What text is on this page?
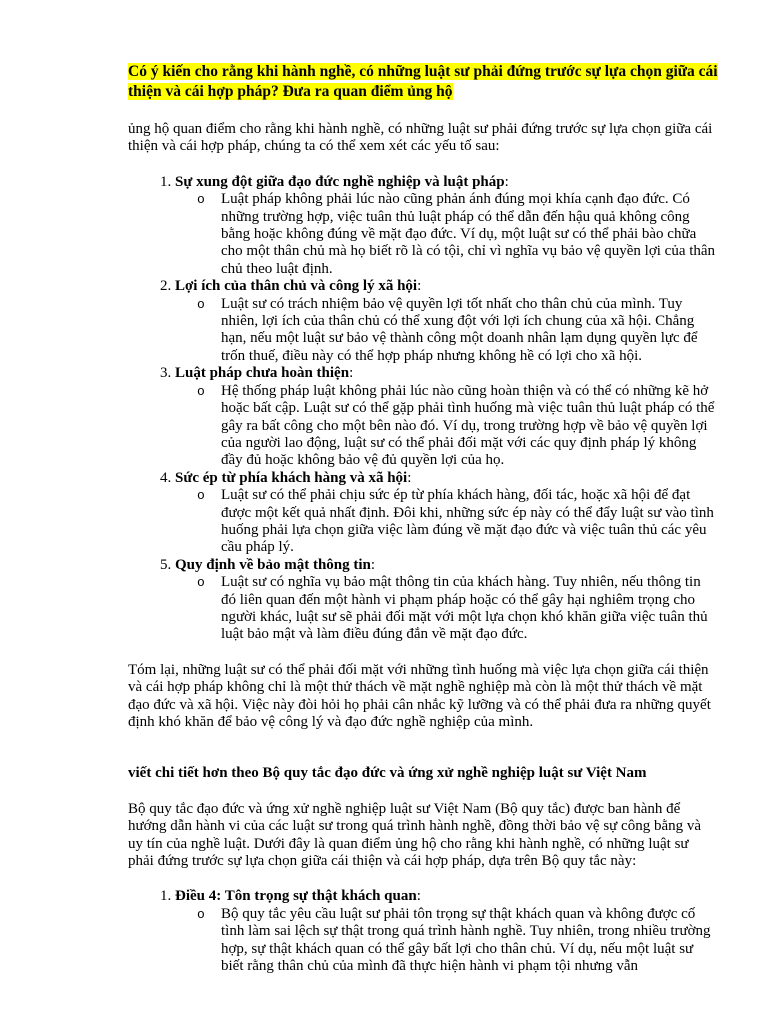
Có ý kiến cho rằng khi hành nghề, có những luật sư phải đứng trước sự lựa chọn giữa cái thiện và cái hợp pháp? Đưa ra quan điểm ủng hộ

ủng hộ quan điểm cho rằng khi hành nghề, có những luật sư phải đứng trước sự lựa chọn giữa cái thiện và cái hợp pháp, chúng ta có thể xem xét các yếu tố sau:

1. Sự xung đột giữa đạo đức nghề nghiệp và luật pháp:
o Luật pháp không phải lúc nào cũng phản ánh đúng mọi khía cạnh đạo đức. Có những trường hợp, việc tuân thủ luật pháp có thể dẫn đến hậu quả không công bằng hoặc không đúng về mặt đạo đức. Ví dụ, một luật sư có thể phải bào chữa cho một thân chủ mà họ biết rõ là có tội, chỉ vì nghĩa vụ bảo vệ quyền lợi của thân chủ theo luật định.
2. Lợi ích của thân chủ và công lý xã hội:
o Luật sư có trách nhiệm bảo vệ quyền lợi tốt nhất cho thân chủ của mình. Tuy nhiên, lợi ích của thân chủ có thể xung đột với lợi ích chung của xã hội. Chẳng hạn, nếu một luật sư bảo vệ thành công một doanh nhân lạm dụng quyền lực để trốn thuế, điều này có thể hợp pháp nhưng không hề có lợi cho xã hội.
3. Luật pháp chưa hoàn thiện:
o Hệ thống pháp luật không phải lúc nào cũng hoàn thiện và có thể có những kẽ hở hoặc bất cập. Luật sư có thể gặp phải tình huống mà việc tuân thủ luật pháp có thể gây ra bất công cho một bên nào đó. Ví dụ, trong trường hợp về bảo vệ quyền lợi của người lao động, luật sư có thể phải đối mặt với các quy định pháp lý không đầy đủ hoặc không bảo vệ đủ quyền lợi của họ.
4. Sức ép từ phía khách hàng và xã hội:
o Luật sư có thể phải chịu sức ép từ phía khách hàng, đối tác, hoặc xã hội để đạt được một kết quả nhất định. Đôi khi, những sức ép này có thể đẩy luật sư vào tình huống phải lựa chọn giữa việc làm đúng về mặt đạo đức và việc tuân thủ các yêu cầu pháp lý.
5. Quy định về bảo mật thông tin:
o Luật sư có nghĩa vụ bảo mật thông tin của khách hàng. Tuy nhiên, nếu thông tin đó liên quan đến một hành vi phạm pháp hoặc có thể gây hại nghiêm trọng cho người khác, luật sư sẽ phải đối mặt với một lựa chọn khó khăn giữa việc tuân thủ luật bảo mật và làm điều đúng đắn về mặt đạo đức.

Tóm lại, những luật sư có thể phải đối mặt với những tình huống mà việc lựa chọn giữa cái thiện và cái hợp pháp không chỉ là một thử thách về mặt nghề nghiệp mà còn là một thử thách về mặt đạo đức và xã hội. Việc này đòi hỏi họ phải cân nhắc kỹ lưỡng và có thể phải đưa ra những quyết định khó khăn để bảo vệ công lý và đạo đức nghề nghiệp của mình.

viết chi tiết hơn theo Bộ quy tắc đạo đức và ứng xử nghề nghiệp luật sư Việt Nam

Bộ quy tắc đạo đức và ứng xử nghề nghiệp luật sư Việt Nam (Bộ quy tắc) được ban hành để hướng dẫn hành vi của các luật sư trong quá trình hành nghề, đồng thời bảo vệ sự công bằng và uy tín của nghề luật. Dưới đây là quan điểm ủng hộ cho rằng khi hành nghề, có những luật sư phải đứng trước sự lựa chọn giữa cái thiện và cái hợp pháp, dựa trên Bộ quy tắc này:

1. Điều 4: Tôn trọng sự thật khách quan:
o Bộ quy tắc yêu cầu luật sư phải tôn trọng sự thật khách quan và không được cố tình làm sai lệch sự thật trong quá trình hành nghề. Tuy nhiên, trong nhiều trường hợp, sự thật khách quan có thể gây bất lợi cho thân chủ. Ví dụ, nếu một luật sư biết rằng thân chủ của mình đã thực hiện hành vi phạm tội nhưng vẫn
